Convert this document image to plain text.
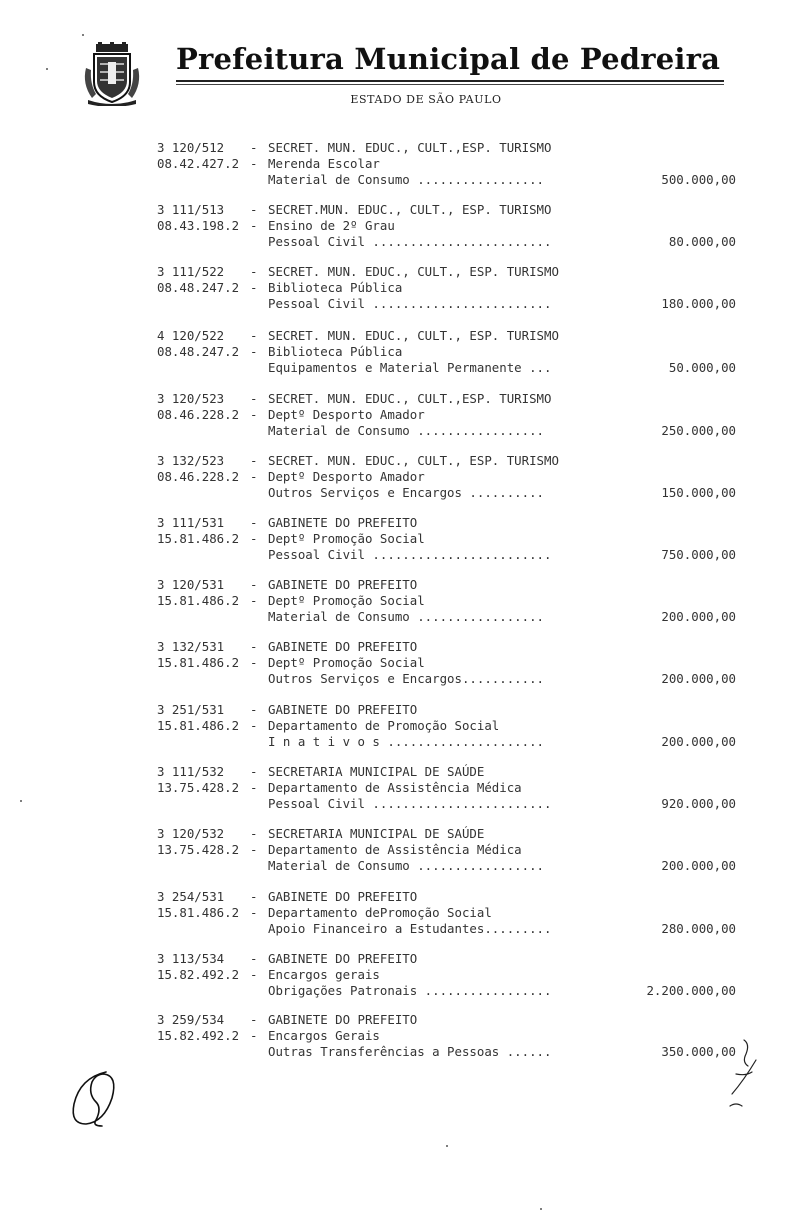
Prefeitura Municipal de Pedreira
ESTADO DE SÃO PAULO
3 120/512 - SECRET. MUN. EDUC., CULT.,ESP. TURISMO
08.42.427.2 - Merenda Escolar
Material de Consumo .................	500.000,00
3 111/513 - SECRET.MUN. EDUC., CULT., ESP. TURISMO
08.43.198.2 - Ensino de 2º Grau
Pessoal Civil ........................	80.000,00
3 111/522 - SECRET. MUN. EDUC., CULT., ESP. TURISMO
08.48.247.2 - Biblioteca Pública
Pessoal Civil ........................	180.000,00
4 120/522 - SECRET. MUN. EDUC., CULT., ESP. TURISMO
08.48.247.2 - Biblioteca Pública
Equipamentos e Material Permanente ...	50.000,00
3 120/523 - SECRET. MUN. EDUC., CULT.,ESP. TURISMO
08.46.228.2 - Deptº Desporto Amador
Material de Consumo .................	250.000,00
3 132/523 - SECRET. MUN. EDUC., CULT., ESP. TURISMO
08.46.228.2 - Deptº Desporto Amador
Outros Serviços e Encargos ..........	150.000,00
3 111/531 - GABINETE DO PREFEITO
15.81.486.2 - Deptº Promoção Social
Pessoal Civil ........................	750.000,00
3 120/531 - GABINETE DO PREFEITO
15.81.486.2 - Deptº Promoção Social
Material de Consumo .................	200.000,00
3 132/531 - GABINETE DO PREFEITO
15.81.486.2 - Deptº Promoção Social
Outros Serviços e Encargos...........	200.000,00
3 251/531 - GABINETE DO PREFEITO
15.81.486.2 - Departamento de Promoção Social
I n a t i v o s .....................	200.000,00
3 111/532 - SECRETARIA MUNICIPAL DE SAÚDE
13.75.428.2 - Departamento de Assistência Médica
Pessoal Civil ........................	920.000,00
3 120/532 - SECRETARIA MUNICIPAL DE SAÚDE
13.75.428.2 - Departamento de Assistência Médica
Material de Consumo .................	200.000,00
3 254/531 - GABINETE DO PREFEITO
15.81.486.2 - Departamento dePromoção Social
Apoio Financeiro a Estudantes.........	280.000,00
3 113/534 - GABINETE DO PREFEITO
15.82.492.2 - Encargos gerais
Obrigações Patronais .................	2.200.000,00
3 259/534 - GABINETE DO PREFEITO
15.82.492.2 - Encargos Gerais
Outras Transferências a Pessoas ......	350.000,00
